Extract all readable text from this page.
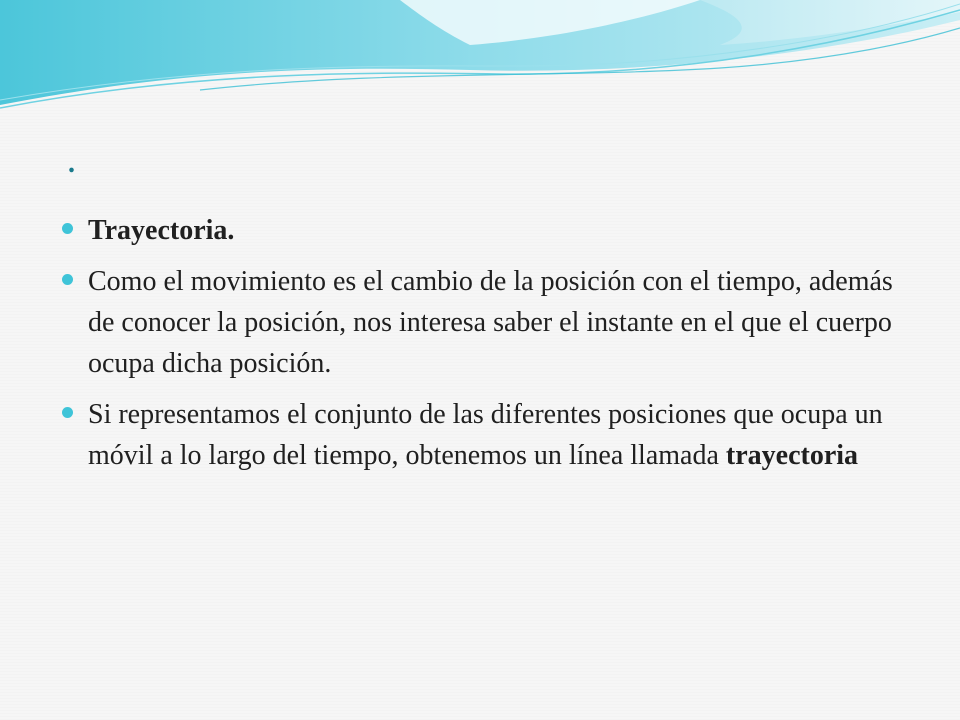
.
Trayectoria.
Como el movimiento es el cambio de la posición con el tiempo, además de conocer la posición, nos interesa saber el instante en el que el cuerpo ocupa dicha posición.
Si representamos el conjunto de las diferentes posiciones que ocupa un móvil a lo largo del tiempo, obtenemos un línea llamada trayectoria
